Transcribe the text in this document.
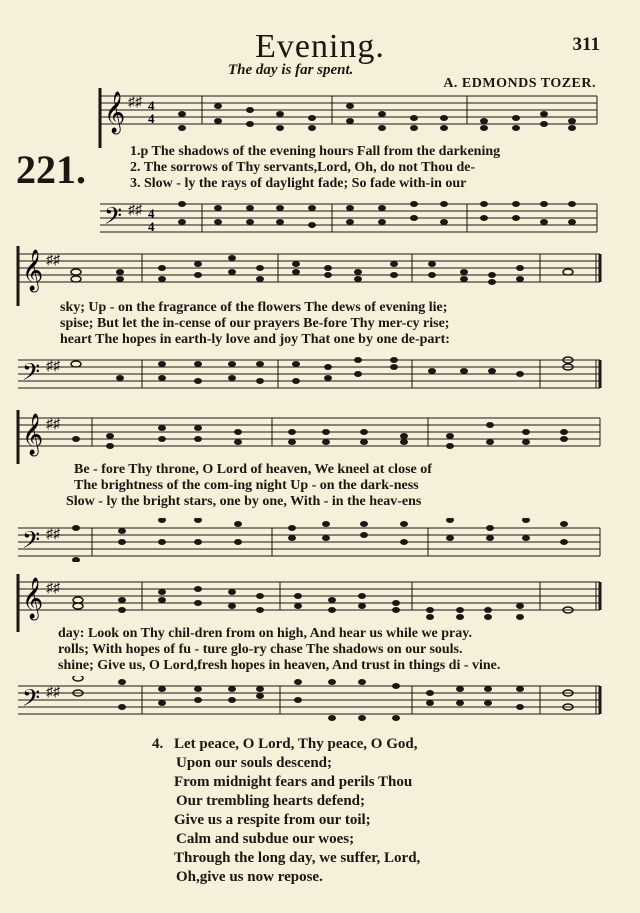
Evening.	311
The day is far spent.
A. EDMONDS TOZER.
221.
𝄞 ♯♯ 4
4
1.p The shadows of the evening hours Fall from the darkening
2. The sorrows of Thy servants,Lord, Oh, do not Thou de-
3. Slow - ly the rays of daylight fade; So fade with-in our
𝄢 ♯♯ 4
4
𝄞 ♯♯
sky; Up - on the fragrance of the flowers The dews of evening lie;
spise; But let the in-cense of our prayers Be-fore Thy mer-cy rise;
heart The hopes in earth-ly love and joy That one by one de-part:
𝄢 ♯♯
𝄞 ♯♯
Be - fore Thy throne, O Lord of heaven, We kneel at close of
The brightness of the com-ing night Up - on the dark-ness
Slow - ly the bright stars, one by one, With - in the heav-ens
𝄢 ♯♯
𝄞 ♯♯
day: Look on Thy chil-dren from on high, And hear us while we pray.
rolls; With hopes of fu - ture glo-ry chase The shadows on our souls.
shine; Give us, O Lord,fresh hopes in heaven, And trust in things di - vine.
𝄢 ♯♯
4. Let peace, O Lord, Thy peace, O God,
Upon our souls descend;
From midnight fears and perils Thou
Our trembling hearts defend;
Give us a respite from our toil;
Calm and subdue our woes;
Through the long day, we suffer, Lord,
Oh,give us now repose.
